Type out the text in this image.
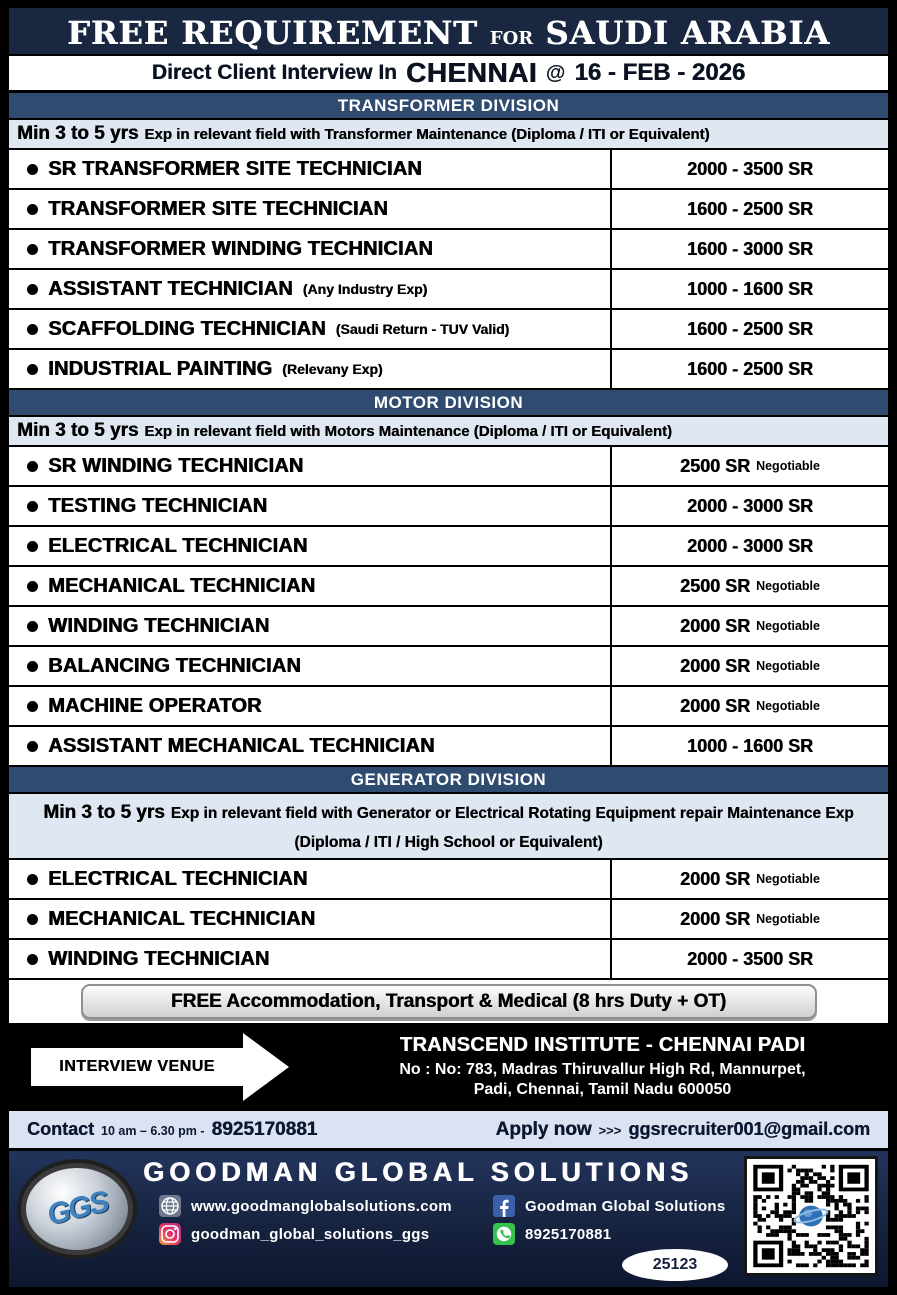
FREE REQUIREMENT FOR SAUDI ARABIA
Direct Client Interview In CHENNAI @ 16 - FEB - 2026
TRANSFORMER DIVISION
Min 3 to 5 yrs Exp in relevant field with Transformer Maintenance (Diploma / ITI or Equivalent)
SR TRANSFORMER SITE TECHNICIAN	2000 - 3500 SR
TRANSFORMER SITE TECHNICIAN	1600 - 2500 SR
TRANSFORMER WINDING TECHNICIAN	1600 - 3000 SR
ASSISTANT TECHNICIAN (Any Industry Exp)	1000 - 1600 SR
SCAFFOLDING TECHNICIAN (Saudi Return - TUV Valid)	1600 - 2500 SR
INDUSTRIAL PAINTING (Relevany Exp)	1600 - 2500 SR
MOTOR DIVISION
Min 3 to 5 yrs Exp in relevant field with Motors Maintenance (Diploma / ITI or Equivalent)
SR WINDING TECHNICIAN	2500 SR Negotiable
TESTING TECHNICIAN	2000 - 3000 SR
ELECTRICAL TECHNICIAN	2000 - 3000 SR
MECHANICAL TECHNICIAN	2500 SR Negotiable
WINDING TECHNICIAN	2000 SR Negotiable
BALANCING TECHNICIAN	2000 SR Negotiable
MACHINE OPERATOR	2000 SR Negotiable
ASSISTANT MECHANICAL TECHNICIAN	1000 - 1600 SR
GENERATOR DIVISION
Min 3 to 5 yrs Exp in relevant field with Generator or Electrical Rotating Equipment repair Maintenance Exp (Diploma / ITI / High School or Equivalent)
ELECTRICAL TECHNICIAN	2000 SR Negotiable
MECHANICAL TECHNICIAN	2000 SR Negotiable
WINDING TECHNICIAN	2000 - 3500 SR
FREE Accommodation, Transport & Medical (8 hrs Duty + OT)
INTERVIEW VENUE
TRANSCEND INSTITUTE - CHENNAI PADI
No : No: 783, Madras Thiruvallur High Rd, Mannurpet,
Padi, Chennai, Tamil Nadu 600050
Contact 10 am – 6.30 pm - 8925170881	Apply now >>> ggsrecruiter001@gmail.com
GGS
GOODMAN GLOBAL SOLUTIONS
www.goodmanglobalsolutions.com	Goodman Global Solutions
goodman_global_solutions_ggs	8925170881
25123
